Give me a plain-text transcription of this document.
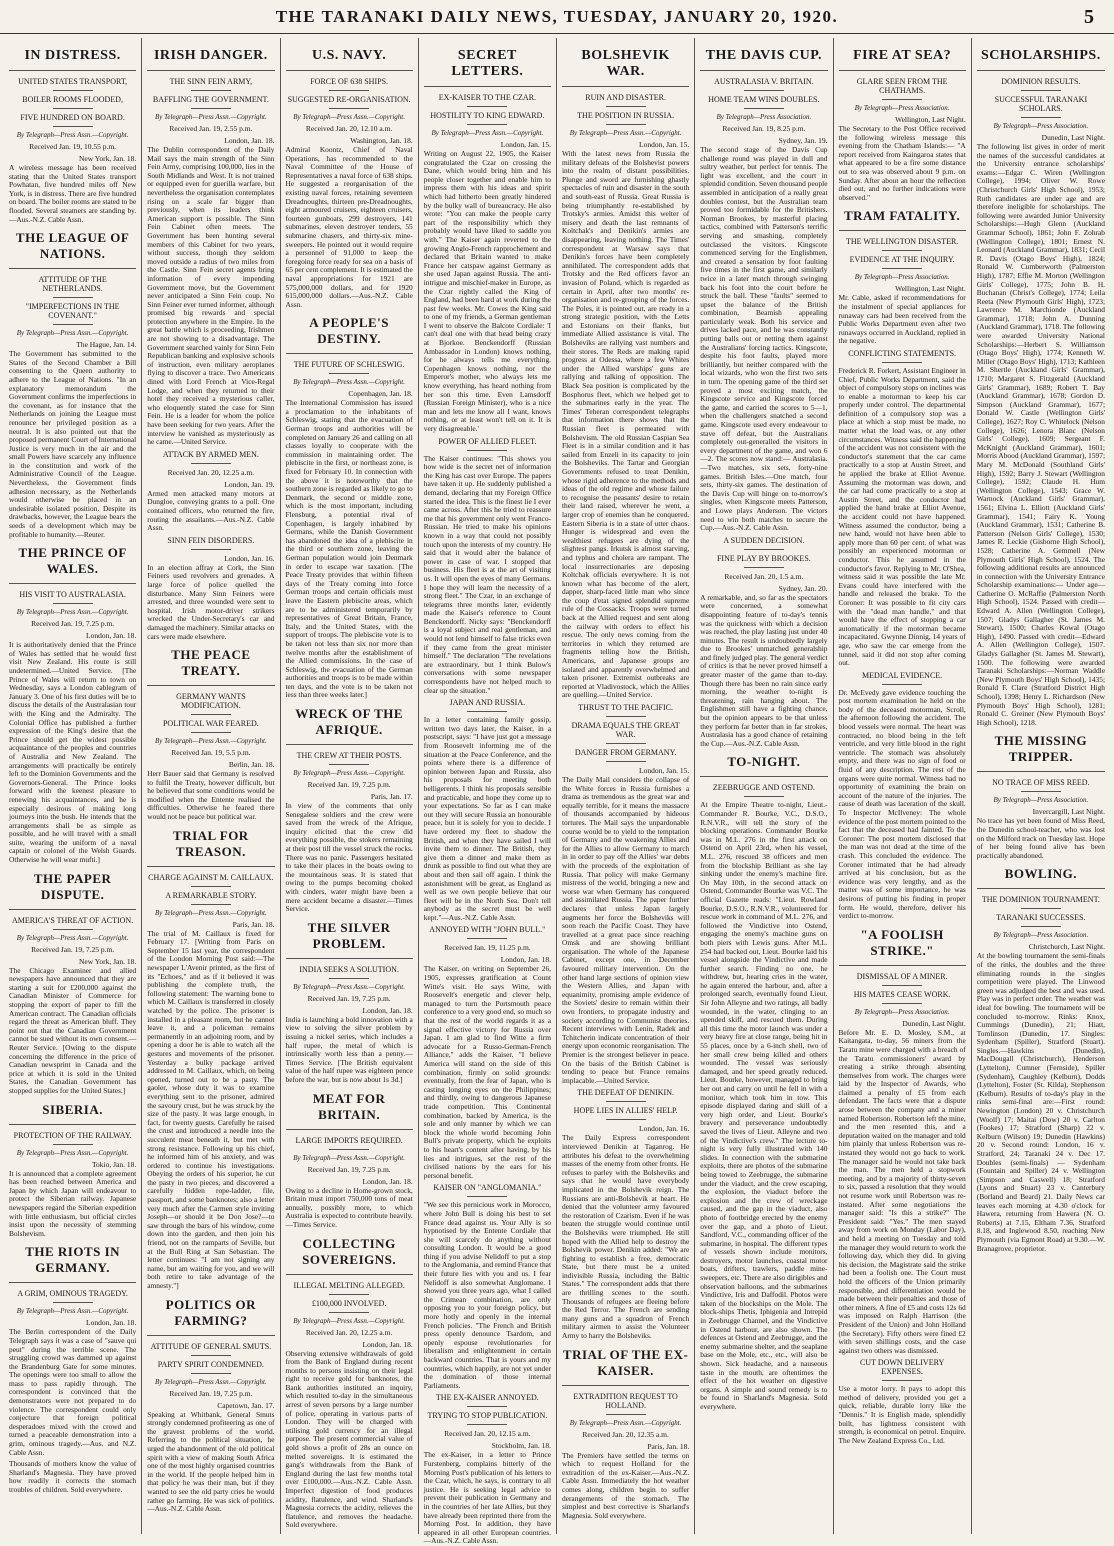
THE TARANAKI DAILY NEWS, TUESDAY, JANUARY 20, 1920.	5
IN DISTRESS.
UNITED STATES TRANSPORT,
BOILER ROOMS FLOODED,
FIVE HUNDRED ON BOARD.
By Telegraph—Press Assn.—Copyright.
Received Jan. 19, 10.55 p.m.
New York, Jan. 18.
A wireless message has been received stating that the United States transport Powhatan, five hundred miles off New York, is in distress. There are five hundred on board. The boiler rooms are stated to be flooded. Several steamers are standing by.—Aus.-N.Z. Cable Assn.
THE LEAGUE OF NATIONS.
ATTITUDE OF THE NETHERLANDS.
"IMPERFECTIONS IN THE COVENANT."
By Telegraph—Press Assn.—Copyright.
The Hague, Jan. 14.
The Government has submitted to the States of the Second Chamber a Bill consenting to the Queen authority to adhere to the League of Nations. "In an explanatory memorandum the Government confirms the imperfections in the covenant, as for instance that the Netherlands on joining the League must renounce her privileged position as a neutral. It is also pointed out that the proposed permanent Court of International Justice is very much in the air and the small Powers have scarcely any influence in the constitution and work of the Administrative Council of the League. Nevertheless, the Government finds adhesion necessary, as the Netherlands would otherwise be placed in an undesirable isolated position. Despite its drawbacks, however, the League bears the seeds of a development which may be profitable to humanity.—Reuter.
THE PRINCE OF WALES.
HIS VISIT TO AUSTRALASIA.
By Telegraph—Press Assn.—Copyright.
Received Jan. 19, 7.25 p.m.
London, Jan. 18.
It is authoritatively denied that the Prince of Wales has settled that he would first visit New Zealand. His route is still undetermined.—United Service. [The Prince of Wales will return to town on Wednesday, says a London cablegram of January 3. One of his first duties will be to discuss the details of the Australasian tour with the King and the Admiralty. The Colonial Office has published a further expression of the King's desire that the Prince should get the widest possible acquaintance of the peoples and countries of Australia and New Zealand. The arrangements will practically be entirely left to the Dominion Governments and the Governors-General. The Prince looks forward with the keenest pleasure to renewing his acquaintances, and he is especially desirous of making long journeys into the bush. He intends that the arrangements shall be as simple as possible, and he will travel with a small suite, wearing the uniform of a naval captain or colonel of the Welsh Guards. Otherwise he will wear mufti.]
THE PAPER DISPUTE.
AMERICA'S THREAT OF ACTION.
By Telegraph—Press Assn.—Copyright.
Received Jan. 19, 7.25 p.m.
New York, Jan. 18.
The Chicago Examiner and allied newspapers have announced that they are starting a suit for £200,000 against the Canadian Minister of Commerce for stopping the export of paper to fill the American contract. The Canadian officials regard the threat as American bluff. They point out that the Canadian Government cannot be sued without its own consent.—Reuter Service. [Owing to the dispute concerning the difference in the price of Canadian newsprint in Canada and the price at which it is sold in the United States, the Canadian Government has stopped supplies for the United States.]
SIBERIA.
PROTECTION OF THE RAILWAY.
By Telegraph—Press Assn.—Copyright.
Tokio, Jan. 18.
It is announced that a complete agreement has been reached between America and Japan by which Japan will endeavour to protect the Siberian railway. Japanese newspapers regard the Siberian expedition with little enthusiasm, but official circles insist upon the necessity of stemming Bolshevism.
THE RIOTS IN GERMANY.
A GRIM, OMINOUS TRAGEDY.
By Telegraph—Press Assn.—Copyright.
London, Jan. 18.
The Berlin correspondent of the Daily Telegraph says it was a case of "sauve qui peut" during the terrible scene. The struggling crowd was dammed up against the Brandenburg Gate for some minutes. The openings were too small to allow the mass to pass rapidly through. The correspondent is convinced that the demonstrators were not prepared to do violence. The correspondent could only conjecture that foreign political desperadoes mixed with the crowd and turned a peaceable demonstration into a grim, ominous tragedy.—Aus. and N.Z. Cable Assn.
Thousands of mothers know the value of Sharland's Magnesia. They have proved how readily it corrects the stomach troubles of children. Sold everywhere.
IRISH DANGER.
THE SINN FEIN ARMY,
BAFFLING THE GOVERNMENT.
By Telegraph—Press Assn.—Copyright.
Received Jan. 19, 2.55 p.m.
London, Jan. 18.
The Dublin correspondent of the Daily Mail says the main strength of the Sinn Fein Army, comprising 100,000, lies in the South Midlands and West. It is not trained or equipped even for guerilla warfare, but nevertheless the organisation contemplates rising on a scale far bigger than previously, when its leaders think American support is possible. The Sinn Fein Cabinet often meets. The Government has been hunting several members of this Cabinet for two years, without success, though they seldom moved outside a radius of two miles from the Castle. Sinn Fein secret agents bring information of every impending Government move, but the Government never anticipated a Sinn Fein coup. No Sinn Feiner ever turned informer, although promised big rewards and special protection anywhere in the Empire. In the great battle which is proceeding, Irishmen are not showing to a disadvantage. The Government searched vainly for Sinn Fein Republican banking and explosive schools of instruction, even military aeroplanes flying to discover a trace. Two Americans dined with Lord French at Vice-Regal Lodge, and when they returned to their hotel they received a mysterious caller, who eloquently stated the case for Sinn Fein. He is a leader for whom the police have been seeking for two years. After the interview he vanished as mysteriously as he came.—United Service.
ATTACK BY ARMED MEN.
Received Jan. 20, 12.25 a.m.
London, Jan. 19.
Armed men attacked many motors at Dungloe, conveying grants to a poll. One contained officers, who returned the fire, routing the assailants.—Aus.-N.Z. Cable Assn.
SINN FEIN DISORDERS.
London, Jan. 16.
In an election affray at Cork, the Sinn Feiners used revolvers and grenades. A large force of police quelled the disturbance. Many Sinn Feiners were arrested, and three wounded were sent to hospital. Irish motor-driver strikers wrecked the Under-Secretary's car and damaged the machinery. Similar attacks on cars were made elsewhere.
THE PEACE TREATY.
GERMANY WANTS MODIFICATION.
POLITICAL WAR FEARED.
By Telegraph—Press Assn.—Copyright.
Received Jan. 19, 5.5 p.m.
Berlin, Jan. 18.
Herr Bauer said that Germany is resolved to fulfil the Treaty, however difficult, but he believed that some conditions would be modified when the Entente realised the difficulties. Otherwise he feared there would not be peace but political war.
TRIAL FOR TREASON.
CHARGE AGAINST M. CAILLAUX.
A REMARKABLE STORY.
By Telegraph—Press Assn.—Copyright.
Paris, Jan. 18.
The trial of M. Caillaux is fixed for February 17. [Writing from Paris on September 15 last year, the correspondent of the London Morning Post said:—The newspaper L'Avenir printed, as the first of its "Echoes," and as if it believed it was publishing the complete truth, the following statement: The warning bone to which M. Caillaux is transferred in closely watched by the police. The prisoner is installed in a pleasant room, but he cannot leave it, and a policeman remains permanently in an adjoining room, and by opening a door he is able to watch all the gestures and movements of the prisoner. Yesterday a bulky package arrived addressed to M. Caillaux, which, on being opened, turned out to be a pasty. The gaoler, whose duty it was to examine everything sent to the prisoner, admired the savoury crust, but he was struck by the size of the pasty. It was large enough, in fact, for twenty guests. Carefully he raised the crust and introduced a needle into the succulent meat beneath it, but met with strong resistance. Following up his chief, he informed him of his anxiety, and was ordered to continue his investigations. Obeying the orders of his superior, he cut the pasty in two pieces, and discovered a carefully hidden rope-ladder, file, passport, and some banknotes; also a letter very much after the Carmen style inviting Joseph—or should it be Don Jose?—to saw through the bars of his window, come down into the garden, and then join his friend, not on the ramparts of Seville, but at the Bull Ring at San Sebastian. The letter continues: "I am not signing any name, but am waiting for you, and we will both retire to take advantage of the amnesty."]
POLITICS OR FARMING?
ATTITUDE OF GENERAL SMUTS.
PARTY SPIRIT CONDEMNED.
By Telegraph—Press Assn.—Copyright.
Received Jan. 19, 7.25 p.m.
Capetown, Jan. 17.
Speaking at Whitbank, General Smuts strongly condemned profiteering as one of the gravest problems of the world. Referring to the political situation, he urged the abandonment of the old political spirit with a view of making South Africa one of the most highly organised countries in the world. If the people helped him in that policy he was their man, but if they wanted to see the old party cries he would rather go farming. He was sick of politics.—Aus.-N.Z. Cable Assn.
U.S. NAVY.
FORCE OF 638 SHIPS.
SUGGESTED RE-ORGANISATION.
By Telegraph—Press Assn.—Copyright.
Received Jan. 20, 12.10 a.m.
Washington, Jan. 18.
Admiral Koontz, Chief of Naval Operations, has recommended to the Naval Committee of the House of Representatives a naval force of 638 ships. He suggested a reorganisation of the existing naval forces, retaining seventeen Dreadnoughts, thirteen pre-Dreadnoughts, eight armoured cruisers, eighteen cruisers, fourteen gunboats, 299 destroyers, 141 submarines, eleven destroyer tenders, 55 submarine chasers, and thirty-six mine-sweepers. He pointed out it would require a personnel of 91,000 to keep the foregoing force ready for sea on a basis of 65 per cent complement. It is estimated the naval appropriations for 1921 are 575,000,000 dollars, and for 1920 615,000,000 dollars.—Aus.-N.Z. Cable Assn.
A PEOPLE'S DESTINY.
THE FUTURE OF SCHLESWIG.
By Telegraph—Press Assn.—Copyright.
Copenhagen, Jan. 18.
The International Commission has issued a proclamation to the inhabitants of Schleswig, stating that the evacuation of German troops and authorities will be completed on January 26 and calling on all classes loyally to cooperate with the commission in maintaining order. The plebiscite in the first, or northeast zone, is fixed for February 10. In connection with the above it is noteworthy that the southern zone is regarded as likely to go to Denmark, the second or middle zone, which is the most important, including Flensburg, a potential rival of Copenhagen, is largely inhabited by Germans, while the Danish Government has abandoned the idea of a plebiscite in the third or southern zone, leaving the German population would join Denmark in order to escape war taxation. [The Peace Treaty provides that within fifteen days of the Treaty coming into force German troops and certain officials must leave the Eastern plebiscite areas, which are to be administered temporarily by representatives of Great Britain, France, Italy, and the United States, with the support of troops. The plebiscite vote is to be taken not less than six nor more than twelve months after the establishment of the Allied commissions. In the case of Schleswig, the evacuation of the German authorities and troops is to be made within ten days, and the vote is to be taken not less than three weeks later.]
WRECK OF THE AFRIQUE.
THE CREW AT THEIR POSTS.
By Telegraph—Press Assn.—Copyright.
Received Jan. 19, 7.25 p.m.
Paris, Jan. 17.
In view of the comments that only Senegalese soldiers and the crew were saved from the wreck of the Afrique, inquiry elicited that the crew did everything possible, the stokers remaining at their post till the vessel struck the rocks. There was no panic. Passengers hesitated to take their places in the boats owing to the mountainous seas. It is stated that owing to the pumps becoming choked with cinders, water might have been a mere accident became a disaster.—Times Service.
THE SILVER PROBLEM.
INDIA SEEKS A SOLUTION.
By Telegraph—Press Assn.—Copyright.
Received Jan. 19, 7.25 p.m.
London, Jan. 18.
India is launching a bold innovation with a view to solving the silver problem by issuing a nickel series, which includes a half rupee, the metal of which is intrinsically worth less than a penny.—Times Service. [The British equivalent value of the half rupee was eighteen pence before the war, but is now about 1s 3d.]
MEAT FOR BRITAIN.
LARGE IMPORTS REQUIRED.
By Telegraph—Press Assn.—Copyright.
Received Jan. 19, 7.25 p.m.
London, Jan. 18.
Owing to a decline in Home-grown stock, Britain must import 750,000 tons of meat annually, possibly more, to which Australia is expected to contribute heavily.—Times Service.
COLLECTING SOVEREIGNS.
ILLEGAL MELTING ALLEGED.
£100,000 INVOLVED.
By Telegraph—Press Assn.—Copyright.
Received Jan. 20, 12.25 a.m.
London, Jan. 18.
Observing extensive withdrawals of gold from the Bank of England during recent months to persons insisting on their legal right to receive gold for banknotes, the Bank authorities instituted an inquiry, which resulted to-day in the simultaneous arrest of seven persons by a large number of police, operating in various parts of London. They will be charged with utilising gold currency for an illegal purpose. The present commercial value of gold shows a profit of 28s an ounce on melted sovereigns. It is estimated the gang's withdrawals from the Bank of England during the last few months total over £100,000.—Aus.-N.Z. Cable Assn. Imperfect digestion of food produces acidity, flatulence, and wind. Sharland's Magnesia corrects the acidity, relieves the flatulence, and removes the headache. Sold everywhere.
SECRET LETTERS.
EX-KAISER TO THE CZAR.
HOSTILITY TO KING EDWARD.
By Telegraph—Press Assn.—Copyright.
London, Jan. 15.
Writing on August 22, 1905, the Kaiser congratulated the Czar on crossing the Dane, which would bring him and his people closer together and enable him to impress them with his ideas and spirit which had hitherto been greatly hindered by the bulky wall of bureaucracy. He also wrote: "You can make the people carry part of the responsibility which they probably would have liked to saddle you with." The Kaiser again reverted to the growing Anglo-French rapprochement and declared that Britain wanted to make France her catspaw against Germany as she used Japan against Russia. The anti-intrigue and mischief-maker in Europe, as the Czar rightly called the King of England, had been hard at work during the past few weeks. Mr. Cowes the King said to one of my friends, a German gentleman I went to observe the Balcote Cordiale: 'I can't deal one with that head being crazy at Bjorkoe. Benckendorff (Russian Ambassador in London) knows nothing, for he always tells me everything. Copenhagen knows nothing, nor the Emperor's mother, who always lets me know everything, has heard nothing from her son this time. Even Lamsdorff (Russian Foreign Minister), who is a nice man and lets me know all I want, knows nothing, or at least won't tell on it. It is very disagreeable.'
POWER OF ALLIED FLEET.
The Kaiser continues: "This shows you how wide is the secret net of information the King has cast over Europe. The papers have taken it up. He suddenly published a demand, declaring that my Foreign Office started the idea. This is the finest lie I ever came across. After this he tried to reassure me that his government only went Franco-Russian. He tried to make his opinions known in a way that could not possibly touch upon the interests of my country. He said that it would alter the balance of power in case of war. I stopped that business. His fleet is at the art of visiting us. It will open the eyes of many Germans. I hope they will learn the necessity of a strong fleet." The Czar, in an exchange of telegrams three months later, evidently made the Kaiser's reference to Count Benckendorff. Nicky says: "Benckendorff is a loyal subject and real gentleman, and would not lend himself to false tricks even if they came from the great minister himself." The declaration "The revelations are extraordinary, but I think Bulow's conversations with some newspaper correspondents have not helped much to clear up the situation."
JAPAN AND RUSSIA.
In a letter containing family gossip, written two days later, the Kaiser, in a postscript, says: "I have just got a message from Roosevelt informing me of the situation at the Peace Conference, and the points where there is a difference of opinion between Japan and Russia, also his proposals for meeting both belligerents. I think his proposals sensible and practicable, and hope they come up to your expectations. So far as I can make out they will secure Russia an honourable peace, but it is solely for you to decide. I have ordered my fleet to shadow the British, and when they have sailed I will invite them to dinner. The British, they give them a dinner and make them as drunk as possible to find out what they are about and then sail off again. I think the astonishment will be great, as England as well as we own people believe that our fleet will be in the North Sea. Don't tell anybody as the secret must be well kept."—Aus.-N.Z. Cable Assn.
ANNOYED WITH "JOHN BULL."
Received Jan. 19, 11.25 p.m.
London, Jan. 18.
The Kaiser, on writing on September 26, 1905, expresses gratification at Count Witte's visit. He says Witte, with Roosevelt's energetic and clever help, managed to turn the Portsmouth peace conference to a very good end, so much so that the rest of the world regards it as a signal effective victory for Russia over Japan. I am glad to find Witte a firm advocate for a Russo-German-French Alliance," adds the Kaiser. "I believe America will stand on the side of this combination, firmly on solid grounds: eventually, from the fear of Japan, who is casting longing eyes on the Philippines; and thirdly, owing to dangerous Japanese trade competition. This Continental combination, backed by America, is the sole and only manner by which we can block the whole world becoming John Bull's private property, which he exploits to his heart's content after having, by his lies and intrigues, set the rest of the civilised nations by the ears for his personal benefit.
KAISER ON "ANGLOMANIA."
"We see this pernicious work in Morocco, where John Bull is doing his best to set France dead against us. Your Ally is so hypnotised by the Entente Cordiale that she will scarcely do anything without consulting London. It would be a good thing if you advise Nelidoff to put a stop to the Anglomania, and remind France that their future lies with you and us. I fear Nelidoff is also somewhat Anglomane. I showed you three years ago, what I called the Crimean combination, are only opposing you to your foreign policy, but more hotly and openly in the internal French policies. "The French and British press openly denounce Tsardom, and openly espouse revolutionaries for liberalism and enlightenment in certain backward countries. That is yours and my countries, which happily, are not yet under the domination of those internal Parliaments.
THE EX-KAISER ANNOYED.
TRYING TO STOP PUBLICATION.
Received Jan. 20, 12.15 a.m.
Stockholm, Jan. 18.
The ex-Kaiser, in a letter to Prince Furstenberg, complains bitterly of the Morning Post's publication of his letters to the Czar, which, he says, is contrary to all justice. He is seeking legal advice to prevent their publication in Germany and in the countries of her late Allies, but they have already been reprinted there from the Morning Post. In addition, they have appeared in all other European countries.—Aus.-N.Z. Cable Assn.
BOLSHEVIK WAR.
RUIN AND DISASTER.
THE POSITION IN RUSSIA.
By Telegraph—Press Assn.—Copyright.
London, Jan. 15.
With the latest news from Russia the military defeats of the Bolshevist powers into the realm of distant possibilities. Plunge and sword are furnishing ghastly spectacles of ruin and disaster in the south and south-east of Russia. Great Russia is being triumphantly re-established by Trotsky's armies. Amidst this welter of misery and death the last remnants of Koltchak's and Denikin's armies are disappearing, leaving nothing. The Times' correspondent at Warsaw says that Denikin's forces have been completely annihilated. The correspondent adds that Trotsky and the Red officers favor an invasion of Poland, which is regarded as certain in April, after two months' re-organisation and re-grouping of the forces. The Poles, it is pointed out, are ready in a strong strategic position, with the Letts and Estonians on their flanks, but immediate Allied assistance is vital. The Bolsheviks are rallying vast numbers and their stores. The Reds are making rapid progress at Odessa, where a few Whites under the Allied warships' guns are rallying and talking of opposition. The Black Sea position is complicated by the Bosphorus fleet, which we helped get to the submarines early in the year. The Times' Teheran correspondent telegraphs that information there shows that the Russian fleet is permeated with Bolshevism. The old Russian Caspian Sea Fleet is in a similar condition and it has sailed from Enzeli in its capacity to join the Bolsheviks. The Tartar and Georgian Governments refused to treat Denikin, whose rigid adherence to the methods and ideas of the old regime and whose failure to recognise the peasants' desire to retain their land raised, wherever he went, a larger crop of enemies than he conquered. Eastern Siberia is in a state of utter chaos. Hunger is widespread and even the wealthiest refugees are dying of the slightest pangs. Irkutsk is almost starving, and typhus and cholera are rampant. The local insurrectionaries are deposing Koltchak officials everywhere. It is not known what has become of the alert, dapper, sharp-faced little man who since the coup d'etat signed splendid supreme rule of the Cossacks. Troops were turned back at the Allied request and sent along the railway with orders to effect his rescue. The only news coming from the territories in which they returned are fragments telling how the British, Americans, and Japanese groups are isolated and apparently overwhelmed and taken prisoner. Extremist outbreaks are reported at Vladivostock, which the Allies are quelling.—United Service.
THRUST TO THE PACIFIC.
DRAMA EQUALS THE GREAT WAR.
DANGER FROM GERMANY.
London, Jan. 15.
The Daily Mail considers the collapse of the White forces in Russia furnishes a drama as tremendous as the great war and equally terrible, for it means the massacre of thousands accompanied by hideous tortures. The Mail says the unpardonable course would be to yield to the temptation of Germany and the weakening Allies and for the Allies to allow Germany to march in in order to pay off the Allies' war debts with the proceeds of the exploitation of Russia. That policy will make Germany mistress of the world, bringing a new and worse war when Germany has conquered and assimilated Russia. The paper further declares that unless Japan largely augments her force the Bolsheviks will soon reach the Pacific Coast. They have travelled at a great pace since reaching Omsk and are showing brilliant organisation. The whole of the Japanese Cabinet, except one, in December favoured military intervention. On the other hand large sections of opinion view the Western Allies, and Japan with equanimity, promising ample evidence of the Soviets' desire to remain within their own frontiers, to propagate industry and society according to Communist theories. Recent interviews with Lenin, Radek and Tchitcherin indicate concentration of their energy upon economic reorganisation. The Premier is the strongest believer in peace. On the basis of the British Cabinet is tending to peace but France remains implacable.—United Service.
THE DEFEAT OF DENIKIN.
HOPE LIES IN ALLIES' HELP.
London, Jan. 16.
The Daily Express correspondent interviewed Denikin at Taganrog. He attributes his defeat to the overwhelming masses of the enemy from other fronts. He refuses to parley with the Bolsheviks and says that he would have everybody implicated in the Bolshevik reign. The Russians are anti-Bolshevik at heart. He denied that the volunteer army favoured the restoration of Czarism. Even if he was beaten the struggle would continue until the Bolsheviks were triumphed. He still hoped with the Allied help to destroy the Bolshevik power. Denikin added: "We are fighting to establish a free, democratic State, but there must be a united indivisible Russia, including the Baltic States." The correspondent adds that there are thrilling scenes to the south. Thousands of refugees are fleeing before the Red Terror. The French are sending many guns and a squadron of French military airmen to assist the Volunteer Army to harry the Bolsheviks.
TRIAL OF THE EX-KAISER.
EXTRADITION REQUEST TO HOLLAND.
By Telegraph—Press Assn.—Copyright.
Received Jan. 20, 12.35 a.m.
Paris, Jan. 18.
The Premiers have settled the terms on which to request Holland for the extradition of the ex-Kaiser.—Aus.-N.Z. Cable Assn. Immediately the hot weather comes along, children begin to suffer derangements of the stomach. The simplest and best corrective is Sharland's Magnesia. Sold everywhere.
THE DAVIS CUP.
AUSTRALASIA V. BRITAIN.
HOME TEAM WINS DOUBLES.
By Telegraph—Press Association.
Received Jan. 19, 8.25 p.m.
Sydney, Jan. 19.
The second stage of the Davis Cup challenge round was played in dull and sultry weather, but perfect for tennis. The light was excellent, and the court in splendid condition. Seven thousand people assembled in anticipation of a really great doubles contest, but the Australian team proved too formidable for the Britishers. Norman Brookes, by masterful placing tactics, combined with Patterson's terrific serving and smashing, completely outclassed the visitors. Kingscote commenced serving for the Englishmen, and created a sensation by foot faulting five times in the first game, and similarly twice in a later match through swinging back his foot into the court before he struck the ball. These "faults" seemed to upset the balance of the British combination, Beamish appealing particularly weak. Both his service and drives lacked pace, and he was constantly putting balls out or netting them against the Australians' forcing tactics. Kingscote, despite his foot faults, played more brilliantly, but neither compared with the local wizards, who won the first two sets in turn. The opening game of the third set proved a most exciting match, the Kingscote service and Kingscote forced the game, and carried the scores to 5—1, when the challengers snatched a second game. Kingscote used every endeavour to stave off defeat, but the Australians completely out-generalled the visitors in every department of the game, and won 6—2. The scores now stand:— Australasia.—Two matches, six sets, forty-nine games. British Isles.—One match, four sets, thirty-six games. The destination of the Davis Cup will hinge on to-morrow's singles, when Kingscote meets Patterson, and Lowe plays Anderson. The victors need to win both matches to secure the Cup.—Aus.-N.Z. Cable Assn.
A SUDDEN DECISION.
FINE PLAY BY BROOKES.
Received Jan. 20, 1.5 a.m.
Sydney, Jan. 20.
A remarkable, and, so far as the spectators were concerned, a somewhat disappointing feature of to-day's tennis was the quickness with which a decision was reached, the play lasting just under 40 minutes. The result is undoubtedly largely due to Brookes' unmatched generalship and finely judged play. The general verdict of critics is that he never proved himself a greater master of the game than to-day. Though there has been no rain since early morning, the weather to-night is threatening, rain hanging about. The Englishmen still have a fighting chance, but the opinion appears to be that unless they perform far better than in far strokes, Australasia has a good chance of retaining the Cup.—Aus.-N.Z. Cable Assn.
TO-NIGHT.
ZEEBRUGGE AND OSTEND.
At the Empire Theatre to-night, Lieut.-Commander R. Bourke, V.C., D.S.O., R.N.V.R., will tell the story of the blocking operations. Commander Bourke was in M.L. 276 in the first attack on Ostend on April 23rd, when his vessel, M.L. 276, rescued 38 officers and men from the blockship Brilliant as she lay sinking under the enemy's machine fire. On May 10th, in the second attack on Ostend, Commander Bourke was V.C. The official Gazette reads: "Lieut. Rowland Bourke, D.S.O., R.N.V.R., volunteered for rescue work in command of M.L. 276, and followed the Vindictive into Ostend, engaging the enemy's machine guns on both piers with Lewis guns. After M.L. 254 had backed out, Lieut. Bourke laid his vessel alongside the Vindictive and made further search. Finding no one, he withdrew, but, hearing cries in the water, he again entered the harbour, and, after a prolonged search, eventually found Lieut. Sir John Alleyne and two ratings, all badly wounded, in the water, clinging to an upended skiff, and rescued them. During all this time the motor launch was under a very heavy fire at close range, being hit in 55 places, once by a 6-inch shell, two of her small crew being killed and others wounded. The vessel was seriously damaged, and her speed greatly reduced. Lieut. Bourke, however, managed to bring her out and carry on until he fell in with a monitor, which took him in tow. This episode displayed daring and skill of a very high order, and Lieut. Bourke's bravery and perseverance undoubtedly saved the lives of Lieut. Alleyne and two of the Vindictive's crew." The lecture to-night is very fully illustrated with 140 slides. In connection with the submarine exploits, there are photos of the submarine being towed to Zeebrugge, the submarine under the viaduct, and the crew escaping, the explosion, the viaduct before the explosion and the crew of wreckage caused, and the gap in the viaduct, also photo of footbridge erected by the enemy over the gap, and a photo of Lieut. Sandford, V.C., commanding officer of the submarine, in hospital. The different types of vessels shown include monitors, destroyers, motor launches, coastal motor boats, drifters, trawlers, paddle mine-sweepers, etc. There are also dirigibles and observation balloons, and the submarines Vindictive, Iris and Daffodil. Photos were taken of the blockships on the Mole. The block-ships Thetis, Iphigenia and Intrepid in Zeebrugge Channel, and the Vindictive in Ostend harbour, are also shown. The defences at Ostend and Zeebrugge, and the enemy submarine shelter, and the seaplane base on the Mole, etc., etc., will also be shown. Sick headache, and a nauseous taste in the mouth, are oftentimes the effect of the hot weather on digestive organs. A simple and sound remedy is to be found in Sharland's Magnesia. Sold everywhere.
FIRE AT SEA?
GLARE SEEN FROM THE CHATHAMS.
By Telegraph—Press Association.
Wellington, Last Night.
The Secretary to the Post Office received the following wireless message this evening from the Chatham Islands:— "A report received from Kaingaroa states that what appeared to be a fire some distance out to sea was observed about 9 p.m. on Sunday. After about an hour the reflection died out, and no further indications were observed."
TRAM FATALITY.
THE WELLINGTON DISASTER.
EVIDENCE AT THE INQUIRY.
By Telegraph—Press Association.
Wellington, Last Night.
Mr. Cable, asked if recommendations for the instalment of special appliances for runaway cars had been received from the Public Works Department even after two runaways occurred in Auckland, replied in the negative.
CONFLICTING STATEMENTS.
Frederick R. Forkert, Assistant Engineer in Chief, Public Works Department, said the object of compulsory stops on inclines was to enable a motorman to keep his car properly under control. The departmental definition of a compulsory stop was a place at which a stop must be made, no matter what the load was, or any other circumstances. Witness said the happening of the accident was not consistent with the conductor's statement that the car came practically to a stop at Austin Street, and he applied the brake at Elliot Avenue. Assuming the motorman was down, and the car had come practically to a stop at Austin Street, and the conductor had applied the hand brake at Elliot Avenue, the accident could not have happened. Witness assumed the conductor, being a new hand, would not have been able to apply more than 60 per cent. of what was possibly an experienced motorman or conductor. This he assumed in the conductor's favor. Replying to Mr. O'Shea, witness said it was possible the late Mr. Evans could have interfered with the handle and released the brake. To the Coroner: It was possible to fit city cars with the "dead man handle," and that would have the effect of stopping a car automatically if the motorman became incapacitated. Gwynne Dinnig, 14 years of age, who saw the car emerge from the tunnel, said it did not stop after coming out.
MEDICAL EVIDENCE.
Dr. McEvedy gave evidence touching the post mortem examination he held on the body of the deceased motorman, Scroll, the afternoon following the accident. The blood vessels were normal. The heart was contracted, no blood being in the left ventricle, and very little blood in the right ventricle. The stomach was absolutely empty, and there was no sign of food or fluid of any description. The rest of the organs were quite normal. Witness had no opportunity of examining the brain on account of the nature of the injuries. The cause of death was laceration of the skull. To Inspector McIlveney: The whole evidence of the post mortem pointed to the fact that the deceased had fainted. To the Coroner: The post mortem disclosed that the man was not dead at the time of the crash. This concluded the evidence. The Coroner intimated that he had already arrived at his conclusion, but as the evidence was very lengthy, and as the matter was of some importance, he was desirous of putting his finding in proper form. He would, therefore, deliver his verdict to-morrow.
"A FOOLISH STRIKE."
DISMISSAL OF A MINER.
HIS MATES CEASE WORK.
By Telegraph—Press Association.
Dunedin, Last Night.
Before Mr. E. D. Mosley, S.M., at Kaitangata, to-day, 56 miners from the Taratu mine were charged with a breach of the Taratu commissioners' award by creating a strike through absenting themselves from work. The charges were laid by the Inspector of Awards, who claimed a penalty of £5 from each defendant. The facts were that a dispute arose between the company and a miner named Robertson. Robertson left the mine, and the men resented this, and a deputation waited on the manager and told him plainly that unless Robertson was re-instated they would not go back to work. The manager said he would not take back the man. The men held a stopwork meeting, and by a majority of thirty-seven to six, passed a resolution that they would not resume work until Robertson was re-instated. After some negotiations the manager said: "Is this a strike?" The President said: "Yes." The men stayed away from work on Monday (Labor Day), and held a meeting on Tuesday and told the manager they would return to work the following day, which they did. In giving his decision, the Magistrate said the strike had been a foolish one. The Court must hold the officers of the Union primarily responsible, and differentiation would be made between their penalties and those of other miners. A fine of £5 and costs 12s 6d was imposed on Ralph Harrison (the President of the Union) and John Holland (the Secretary). Fifty others were fined £2 with seven shillings costs, and the case against two others was dismissed.
CUT DOWN DELIVERY EXPENSES.
Use a motor lorry. It pays to adopt this method of delivery, provided you get a quick, reliable, durable lorry like the "Dennis." It is English made, splendidly built, has lightness consistent with strength, is economical on petrol. Enquire. The New Zealand Express Co., Ltd.
SCHOLARSHIPS.
DOMINION RESULTS.
SUCCESSFUL TARANAKI SCHOLARS.
By Telegraph—Press Association.
Dunedin, Last Night.
The following list gives in order of merit the names of the successful candidates at the University entrance scholarships' exams:—Edgar C. Wiren (Wellington College), 1994; Oliver W. Rowe (Christchurch Girls' High School), 1953; Ruth candidates are under age and are therefore ineligible for scholarships. The following were awarded Junior University Scholarships:—Hugh Glenn (Auckland Grammar School), 1861; John F. Zohrab (Wellington College), 1801; Ernest N. Leonard (Auckland Grammar), 1831; Cecil R. Davis (Otago Boys' High), 1824; Ronald W. Cumberworth (Palmerston High), 1787; Effie M. Morton (Wellington Girls' College), 1775; John B. H. Buchanan (Christ's College), 1774; Leila Reeta (New Plymouth Girls' High), 1723; Lawrence M. Marchionde (Auckland Grammar), 1718; John A. Dunning (Auckland Grammar), 1718. The following were awarded University National Scholarships:—Herbert S. Williamson (Otago Boys' High), 1774; Kenneth W. Miller (Otago Boys' High), 1713; Kathleen M. Shertle (Auckland Girls' Grammar), 1710; Margaret S. Fitzgerald (Auckland Girls' Grammar), 1689; Robert T. Bay (Auckland Grammar), 1678; Gordon D. Simpson (Auckland Grammar), 1677; Donald W. Castle (Wellington Girls' College), 1627; Roy C. Whitelock (Nelson College), 1626; Lenora Blanc (Nelson Girls' College), 1609; Sergeant F. McKnight (Auckland Grammar), 1601; Morris Abood (Auckland Grammar), 1597; Mary M. McDonald (Southland Girls' High), 1592; Barry J. Stewart (Wellington College), 1592; Claude H. Hum (Wellington College), 1543; Grace W. Warnock (Auckland Girls' Grammar), 1561; Elvina L. Elliott (Auckland Girls' Grammar), 1541; Fairy K. Young (Auckland Grammar), 1531; Catherine B. Patterson (Nelson Girls' College), 1530; James R. Leckie (Gisborne High School), 1528; Catherine A. Gemmell (New Plymouth Girls' High School), 1524. The following additional results are announced in connection with the University Entrance Scholarship examinations:— Under age—Catherine O. McRaffie (Palmerston North High School), 1524. Passed with credit—Edward A. Allen (Wellington College), 1507; Gladys Gallagher (St. James M. Stewart), 1500; Charles Kowal (Otago High), 1490. Passed with credit—Edward A. Allen (Wellington College), 1507. Gladys Gallagher (St. James M. Stewart), 1500. The following were awarded Taranaki Scholarships:—Norman Waddle (New Plymouth Boys' High School), 1435; Ronald F. Clare (Stratford District High School), 1398; Henry L. Richardson (New Plymouth Boys' High School), 1281; Ronald C. Greiner (New Plymouth Boys' High School), 1218.
THE MISSING TRIPPER.
NO TRACE OF MISS REED.
By Telegraph—Press Association.
Invercargill, Last Night.
No trace has yet been found of Miss Reed, the Dunedin school-teacher, who was lost on the Milford track on Tuesday last. Hope of her being found alive has been practically abandoned.
BOWLING.
THE DOMINION TOURNAMENT.
TARANAKI SUCCESSES.
By Telegraph—Press Association.
Christchurch, Last Night.
At the bowling tournament the semi-finals of the rinks, the doubles and the three eliminating rounds in the singles competition were played. The Linwood green was adjudged the best and was used. Play was in perfect order. The weather was ideal for bowling. The tournament will be concluded to-morrow. Rinks: Knox, Cummings (Dunedin), 21; Hiatt, Tomlinson (Dunedin, 17. Singles: Sydenham (Spiller), Stratford (Stuart). Singles.—Hawkins (Dunedin), MacDougall (Christchurch), Henderson (Lyttelton), Cumner (Fernside), Spiller (Sydenham), Caughley (Kelburn), Dodds (Lyttelton), Foster (St. Kilda), Stephenson (Kelburn). Results of to-day's play in the rinks semi-final are:—First round: Newington (London) 20 v. Christchurch (Woolf) 17; Maitai (Dow) 20 v. Carlton (Fookes) 17; Stratford (Sharp) 22 v. Kelburn (Wilson) 19; Dunedin (Hawkins) 20 v. Second round: London, 16 v. Stratford, 24; Taranaki 24 v. Dec 17. Doubles (semi-finals) — Sydenham (Fountain and Spiller) 24 v. Wellington (Simpson and Caswell) 18; Stratford (Lyons and Stuart) 23 v. Canterbury (Borland and Beard) 21. Daily News car leaves each morning at 4.30 o'clock for Hawera, returning from Hawera (N. O. Roberts) at 7.15, Eltham 7.36, Stratford 8.18, and Inglewood 8.50, reaching New Plymouth (via Egmont Road) at 9.30.—W. Branagrove, proprietor.
